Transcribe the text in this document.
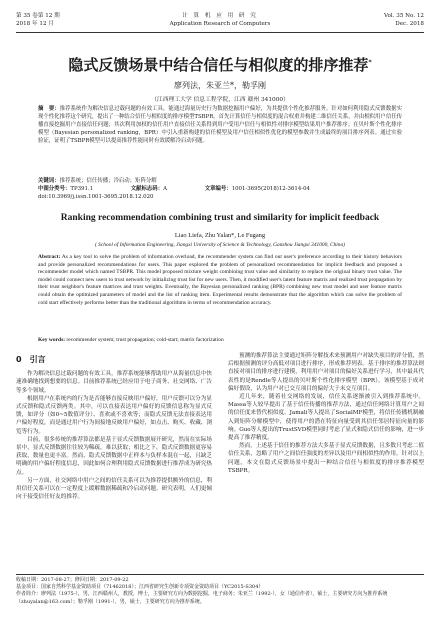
第 35 卷第 12 期
2018 年 12 月
计 算 机 应 用 研 究
Application Research of Computers
Vol. 35 No. 12
Dec. 2018
隐式反馈场景中结合信任与相似度的排序推荐*
廖列法，朱亚兰*，勒孚刚
（江西理工大学 信息工程学院，江西 赣州 341000）
摘　要：推荐系统作为解决信息过载问题的有效工具，能通过海量历史行为数据挖掘用户偏好，为其提供个性化推荐服务。针对如何利用隐式反馈数据实现个性化推荐这个研究，提出了一种结合信任与相似度的排序模型TSBPR。首先计算信任与相似度的混合权重并构建二维信任关系，并由相似用户信任传播直接挖掘用户直接信任问题；其次利用加权的信任用户直接信任关系得到用户受用户信任与相似性对排序模型结果用户推荐排序；在贝叶斯个性化排序模型（Bayesian personalized ranking，BPR）中引入重新构建的信任模型及用户信任相似性优化的模型参数并生成最终的项目排序列表。通过实验验证，证明了TSBPR模型可以提高推荐性能同时有效缓解冷启动问题。
关键词：推荐系统；信任传播；冷启动；矩阵分解
中图分类号：TP391.1	文献标志码：A	文章编号：1001-3695(2018)12-3614-04
doi:10.3969/j.issn.1001-3695.2018.12.020
Ranking recommendation combining trust and similarity for implicit feedback
Liao Liefa, Zhu Yalan*, Le Fugang
( School of Information Engineering, Jiangxi University of Science & Technology, Ganzhou Jiangxi 341000, China)
Abstract: As a key tool to solve the problem of information overload, the recommender system can find out user's preference according to their history behaviors and provide personalized recommendations for users. This paper explored the problem of personalized recommendation for implicit feedback and proposed a recommender model which named TSBPR. This model proposed mixture weight combining trust value and similarity to replace the original binary trust value. The model could connect new users to trust network by initializing trust list for new users. Then, it modified user's latent feature matrix and realized trust propagation by their trust neighbor's feature matrices and trust weights. Eventually, the Bayesian personalized ranking (BPR) combining new trust model and user feature matrix could obtain the optimized parameters of model and the list of ranking item. Experimental results demonstrate that the algorithm which can solve the problem of cold start effectively performs better than the traditional algorithms in terms of recommendation accuracy.
Key words: recommender system; trust propagation; cold-start; matrix factorization
0　引言

作为解决信息过载问题的有效工具，推荐系统能够帮助用户从海量信息中快速准确地找到想要的信息。目前推荐系统已经应用于电子商务、社交网络、广告等多个领域。

根据用户在系统内的行为是否能够直接反映用户偏好，用户反馈可以分为显式反馈和隐式反馈两类。其中，可以直接表达用户偏好的反馈信息称为显式反馈，如评分（如0~5数值评分）、喜欢或不喜欢等；而隐式反馈无法直接表达用户偏好程度，而是通过用户行为间接地反映用户偏好，如点击、购买、收藏、浏览等行为。

目前，很多传统的推荐算法都是基于显式反馈数据展开研究，然而在实际场景中，显式反馈数据往往较为稀疏，难以获取；相比之下，隐式反馈数据更容易获取，数量也更丰富。然而，隐式反馈数据中正样本与负样本混在一起，且缺乏明确的用户偏好程度信息，因此如何合理利用隐式反馈数据进行推荐成为研究热点。

另一方面，社交网络中用户之间的信任关系可以为推荐提供额外的信息，利用信任关系可以在一定程度上缓解数据稀疏和冷启动问题。研究表明，人们更倾向于接受信任好友的推荐。

预测的推荐算法主要通过矩阵分解技术来预测用户对缺失项目的评分值，然后根据预测的评分高低对项目进行排序，形成推荐列表。基于排序的推荐算法则直接对项目的排序进行建模，利用用户对项目的偏好关系进行学习，其中最具代表性的是Rendle等人提出的贝叶斯个性化排序模型（BPR），该模型基于成对偏好假设，认为用户对已交互项目的偏好大于未交互项目。

近几年来，随着社交网络的发展，信任关系逐渐被引入到推荐系统中。Massa等人较早提出了基于信任传播的推荐方法，通过信任网络计算用户之间的信任度来替代相似度。Jamali等人提出了SocialMF模型，将信任传播机制融入到矩阵分解模型中，使得用户的潜在特征向量受到其信任邻居特征向量的影响。Guo等人提出的TrustSVD模型同时考虑了显式和隐式信任的影响，进一步提高了推荐精度。

然而，上述基于信任的推荐方法大多基于显式反馈数据，且多数只考虑二值信任关系，忽略了用户之间信任强度的差异以及用户间相似性的作用。针对以上问题，本文在隐式反馈场景中提出一种结合信任与相似度的排序推荐模型TSBPR。

收稿日期：2017-08-27；修回日期：2017-09-22
基金项目：国家自然科学基金资助项目（71462018）；江西省研究生创新专项资金资助项目（YC2015-S304）
作者简介：廖列法（1975-），男，江西赣州人，教授，博士，主要研究方向为数据挖掘、电子商务；朱亚兰（1992-），女（通信作者），硕士，主要研究方向为推荐系统（zhuyalan@163.com）；勒孚刚（1991-），男，硕士，主要研究方向为推荐系统。
